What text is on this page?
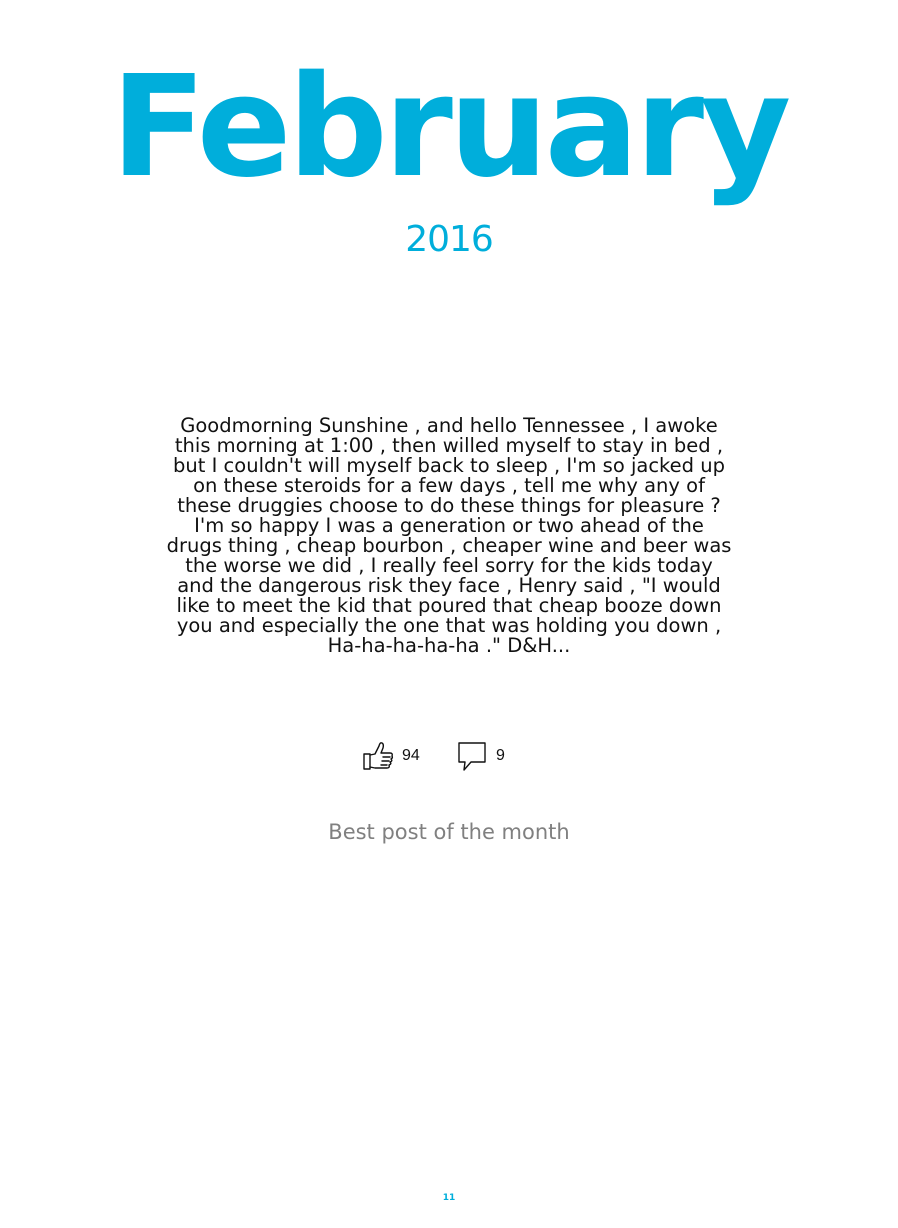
February
2016
Goodmorning Sunshine , and hello Tennessee , I awoke this morning at 1:00 , then willed myself to stay in bed , but I couldn't will myself back to sleep , I'm so jacked up on these steroids for a few days , tell me why any of these druggies choose to do these things for pleasure ? I'm so happy I was a generation or two ahead of the drugs thing , cheap bourbon , cheaper wine and beer was the worse we did , I really feel sorry for the kids today and the dangerous risk they face , Henry said , "I would like to meet the kid that poured that cheap booze down you and especially the one that was holding you down , Ha-ha-ha-ha-ha ." D&H...
94	9
Best post of the month
11
